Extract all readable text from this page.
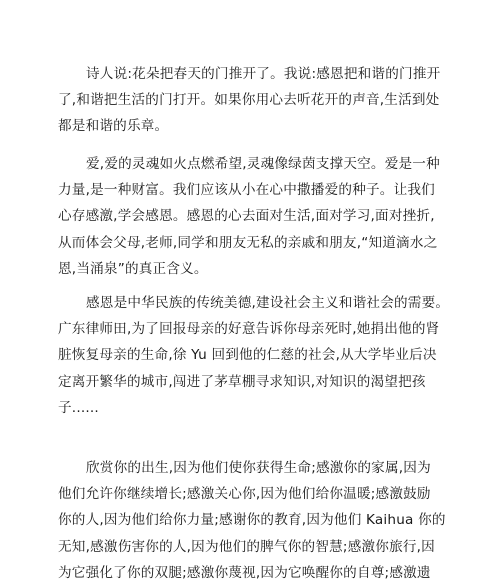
诗人说:花朵把春天的门推开了。我说:感恩把和谐的门推开
了,和谐把生活的门打开。如果你用心去听花开的声音,生活到处
都是和谐的乐章。
爱,爱的灵魂如火点燃希望,灵魂像绿茵支撑天空。爱是一种
力量,是一种财富。我们应该从小在心中撒播爱的种子。让我们
心存感激,学会感恩。感恩的心去面对生活,面对学习,面对挫折,
从而体会父母,老师,同学和朋友无私的亲戚和朋友,“知道滴水之
恩,当涌泉”的真正含义。
感恩是中华民族的传统美德,建设社会主义和谐社会的需要。
广东律师田,为了回报母亲的好意告诉你母亲死时,她捐出他的肾
脏恢复母亲的生命,徐 Yu 回到他的仁慈的社会,从大学毕业后决
定离开繁华的城市,闯进了茅草棚寻求知识,对知识的渴望把孩
子......
欣赏你的出生,因为他们使你获得生命;感激你的家属,因为
他们允许你继续增长;感激关心你,因为他们给你温暖;感激鼓励
你的人,因为他们给你力量;感谢你的教育,因为他们 Kaihua 你的
无知,感激伤害你的人,因为他们的脾气你的智慧;感激你旅行,因
为它强化了你的双腿;感激你蔑视,因为它唤醒你的自尊;感激遗
